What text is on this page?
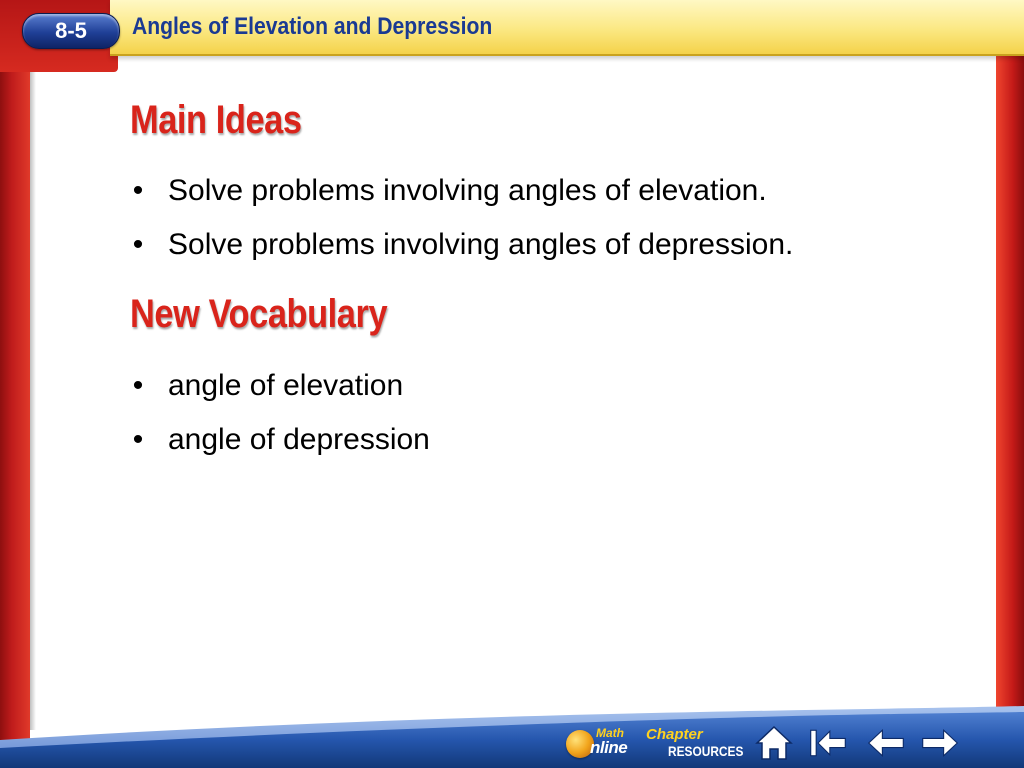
8-5 Angles of Elevation and Depression
Main Ideas
• Solve problems involving angles of elevation.
• Solve problems involving angles of depression.
New Vocabulary
• angle of elevation
• angle of depression
Math
nline
Chapter
RESOURCES
